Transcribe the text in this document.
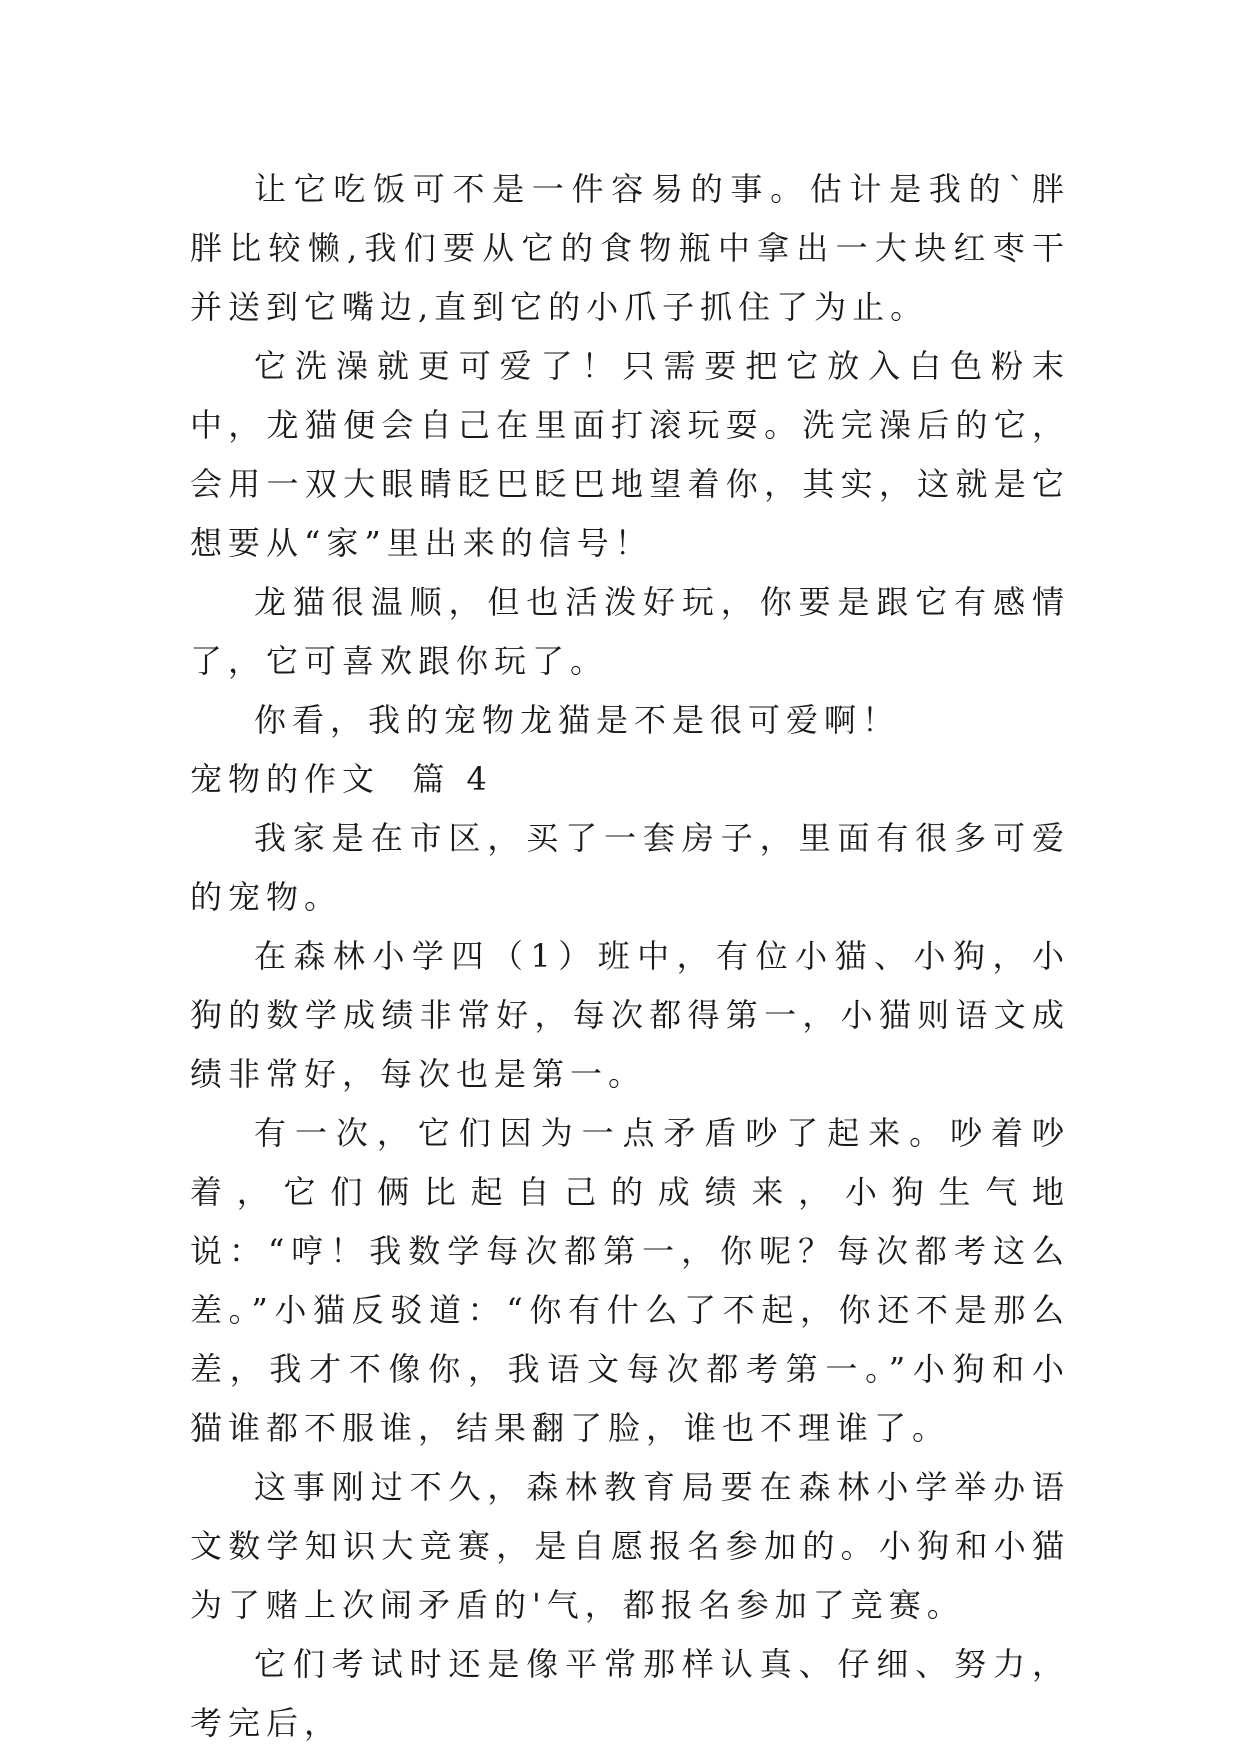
让它吃饭可不是一件容易的事。估计是我的`胖胖比较懒,我们要从它的食物瓶中拿出一大块红枣干并送到它嘴边,直到它的小爪子抓住了为止。

它洗澡就更可爱了！只需要把它放入白色粉末中，龙猫便会自己在里面打滚玩耍。洗完澡后的它，会用一双大眼睛眨巴眨巴地望着你，其实，这就是它想要从“家”里出来的信号！

龙猫很温顺，但也活泼好玩，你要是跟它有感情了，它可喜欢跟你玩了。

你看，我的宠物龙猫是不是很可爱啊！

宠物的作文  篇 4

我家是在市区，买了一套房子，里面有很多可爱的宠物。

在森林小学四（1）班中，有位小猫、小狗，小狗的数学成绩非常好，每次都得第一，小猫则语文成绩非常好，每次也是第一。

有一次，它们因为一点矛盾吵了起来。吵着吵着，它们俩比起自己的成绩来，小狗生气地说：“哼！我数学每次都第一，你呢？每次都考这么差。”小猫反驳道：“你有什么了不起，你还不是那么差，我才不像你，我语文每次都考第一。”小狗和小猫谁都不服谁，结果翻了脸，谁也不理谁了。

这事刚过不久，森林教育局要在森林小学举办语文数学知识大竞赛，是自愿报名参加的。小狗和小猫为了赌上次闹矛盾的'气，都报名参加了竞赛。

它们考试时还是像平常那样认真、仔细、努力，考完后，
